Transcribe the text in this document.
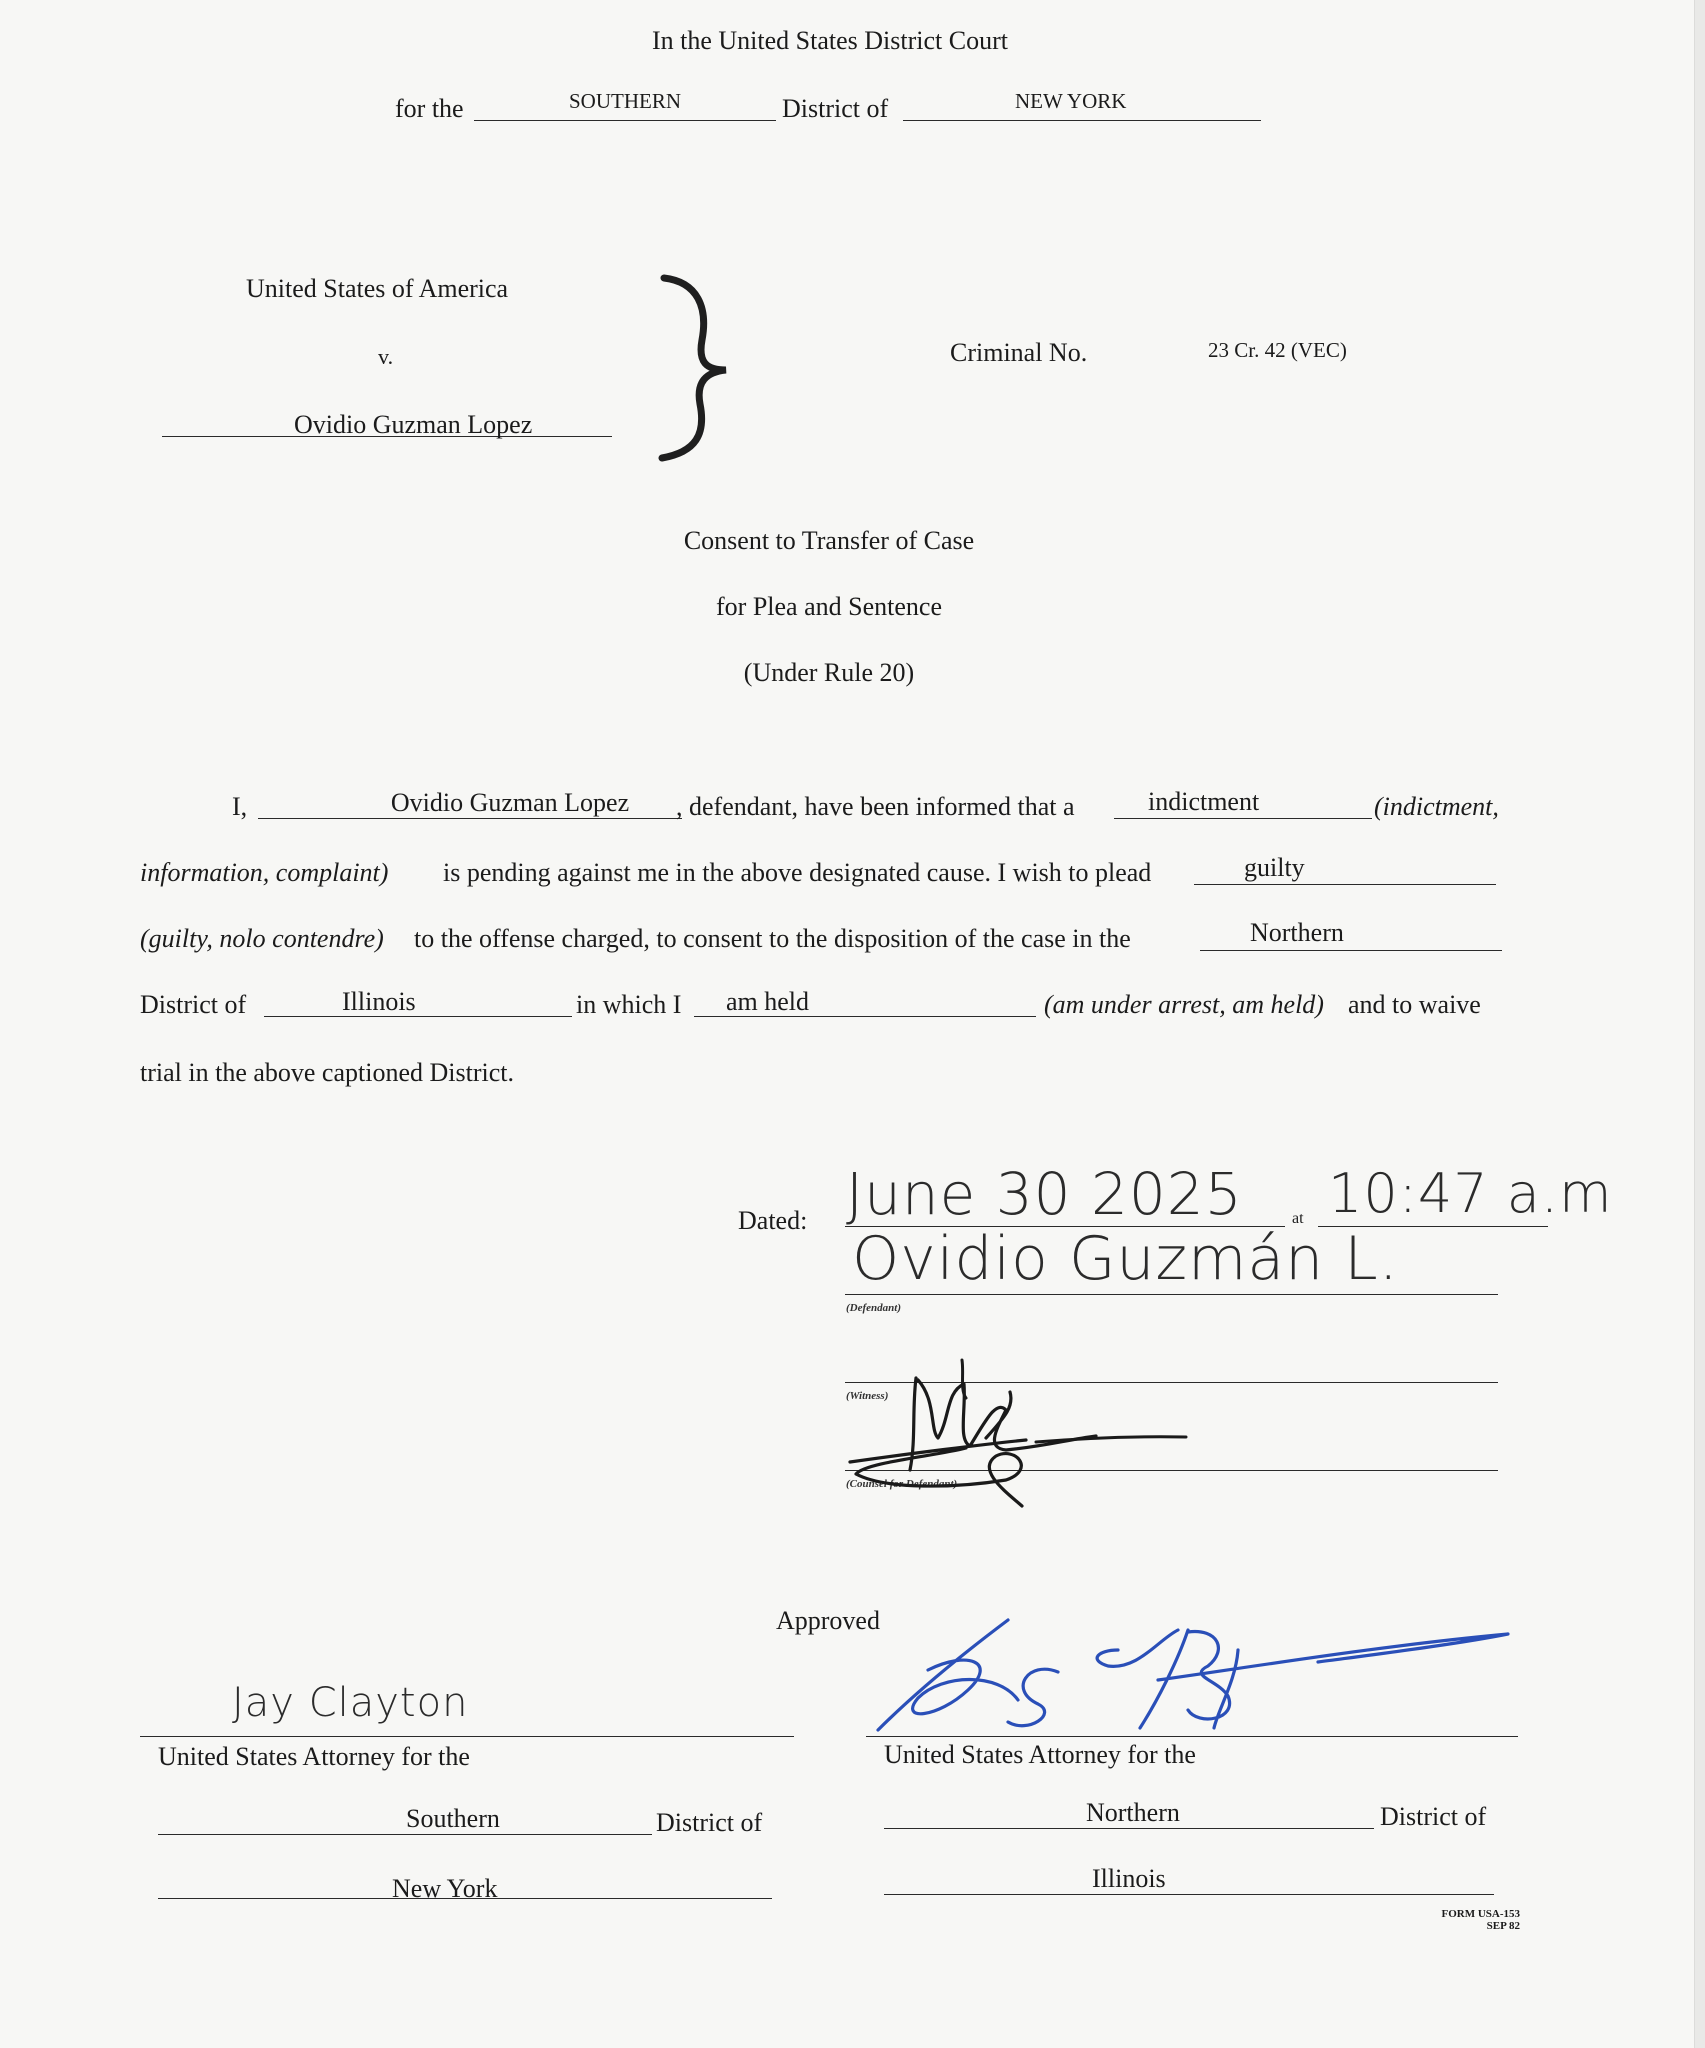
In the United States District Court
for the	SOUTHERN	District of	NEW YORK
United States of America
v.
Ovidio Guzman Lopez
Criminal No.	23 Cr. 42 (VEC)
Consent to Transfer of Case
for Plea and Sentence
(Under Rule 20)
I,	Ovidio Guzman Lopez	, defendant, have been informed that a	indictment	(indictment,
information, complaint) is pending against me in the above designated cause. I wish to plead	guilty
(guilty, nolo contendre) to the offense charged, to consent to the disposition of the case in the	Northern
District of	Illinois	in which I am held	(am under arrest, am held) and to waive
trial in the above captioned District.
Dated: June 30 2025	at 10:47 a.m
Ovidio Guzmán L.
(Defendant)
(Witness)
(Counsel for Defendant)
Approved
Jay Clayton
United States Attorney for the
Southern	District of
New York
United States Attorney for the
Northern	District of
Illinois
FORM USA-153
SEP 82
